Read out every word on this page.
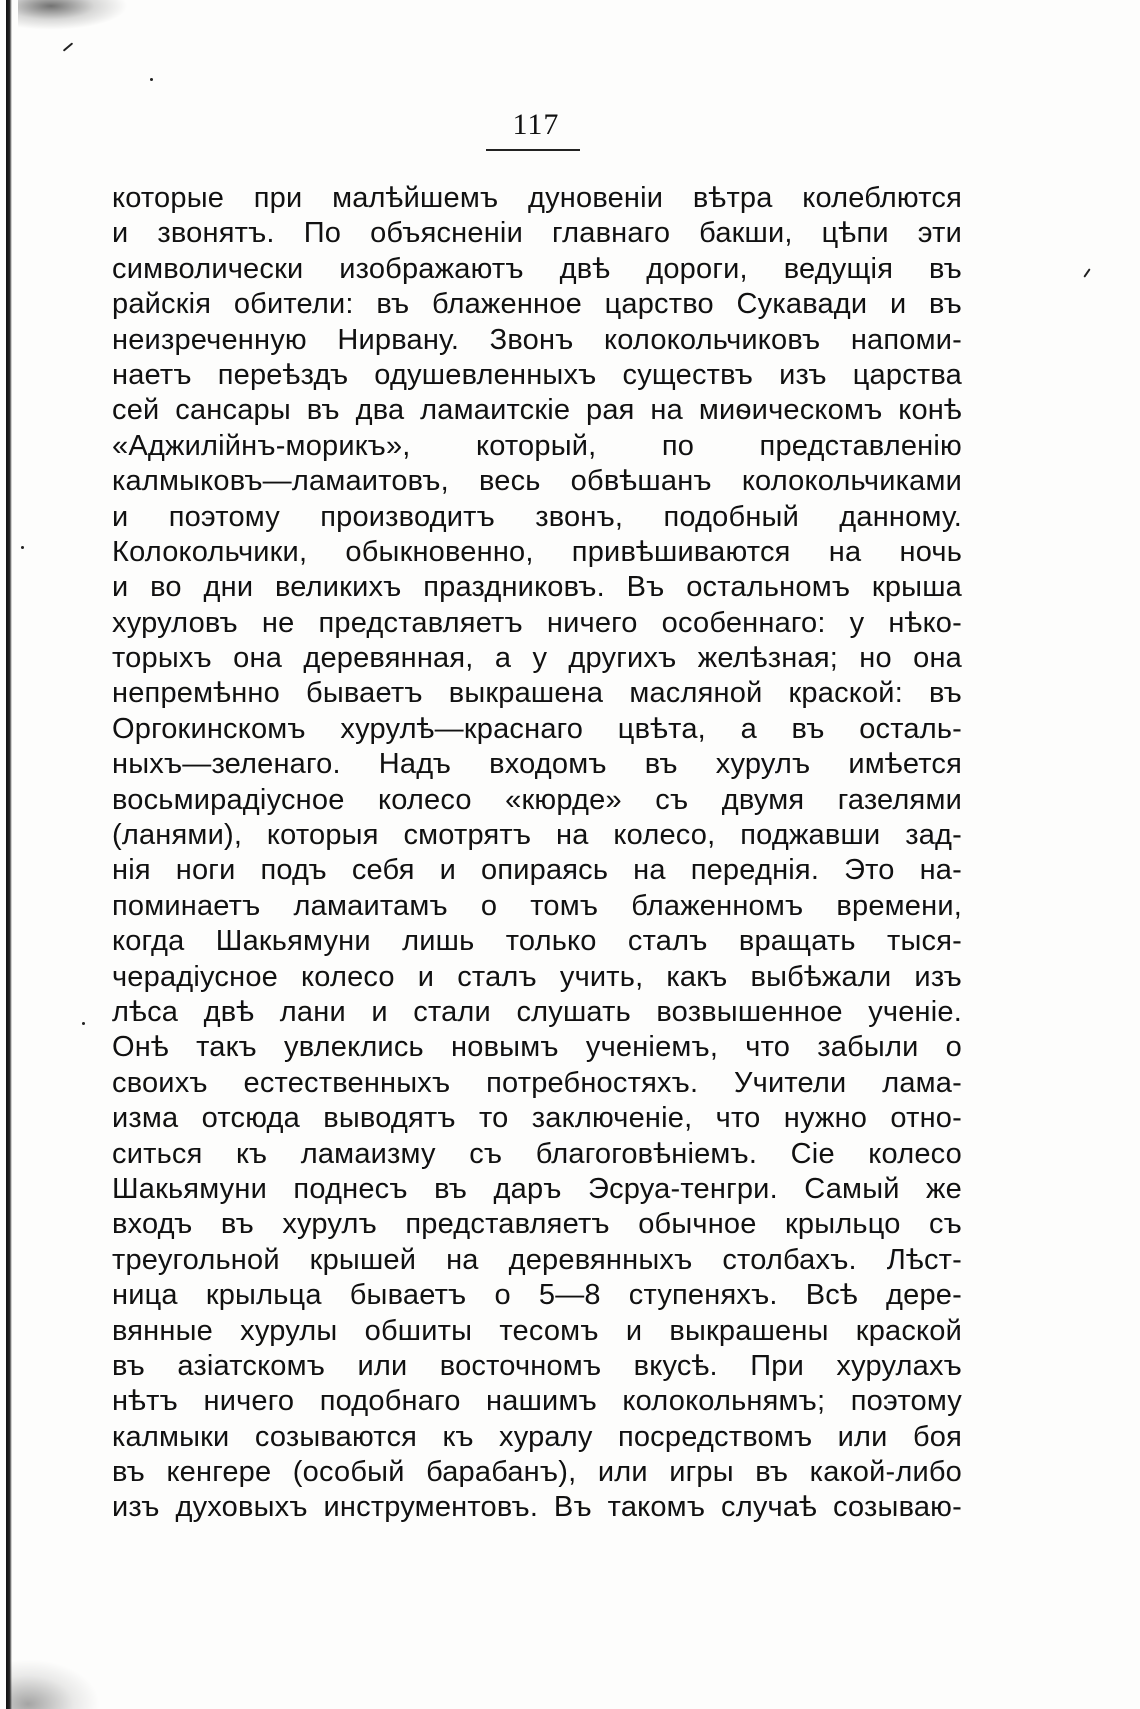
117
которые при малѣйшемъ дуновенiи вѣтра колеблются
и звонятъ. По объясненiи главнаго бакши, цѣпи эти
символически изображаютъ двѣ дороги, ведущiя въ
райскiя обители: въ блаженное царство Сукавади и въ
неизреченную Нирвану. Звонъ колокольчиковъ напоми-
наетъ переѣздъ одушевленныхъ существъ изъ царства
сей сансары въ два ламаитскiе рая на миѳическомъ конѣ
«Аджилiйнъ-морикъ», который, по представленiю
калмыковъ—ламаитовъ, весь обвѣшанъ колокольчиками
и поэтому производитъ звонъ, подобный данному.
Колокольчики, обыкновенно, привѣшиваются на ночь
и во дни великихъ праздниковъ. Въ остальномъ крыша
хуруловъ не представляетъ ничего особеннаго: у нѣко-
торыхъ она деревянная, а у другихъ желѣзная; но она
непремѣнно бываетъ выкрашена масляной краской: въ
Оргокинскомъ хурулѣ—краснаго цвѣта, а въ осталь-
ныхъ—зеленаго. Надъ входомъ въ хурулъ имѣется
восьмирадiусное колесо «кюрде» съ двумя газелями
(ланями), которыя смотрятъ на колесо, поджавши зад-
нiя ноги подъ себя и опираясь на переднiя. Это на-
поминаетъ ламаитамъ о томъ блаженномъ времени,
когда Шакьямуни лишь только сталъ вращать тыся-
черадiусное колесо и сталъ учить, какъ выбѣжали изъ
лѣса двѣ лани и стали слушать возвышенное ученiе.
Онѣ такъ увлеклись новымъ ученiемъ, что забыли о
своихъ естественныхъ потребностяхъ. Учители лама-
изма отсюда выводятъ то заключенiе, что нужно отно-
ситься къ ламаизму съ благоговѣнiемъ. Сiе колесо
Шакьямуни поднесъ въ даръ Эсруа-тенгри. Самый же
входъ въ хурулъ представляетъ обычное крыльцо съ
треугольной крышей на деревянныхъ столбахъ. Лѣст-
ница крыльца бываетъ о 5—8 ступеняхъ. Всѣ дере-
вянные хурулы обшиты тесомъ и выкрашены краской
въ азiатскомъ или восточномъ вкусѣ. При хурулахъ
нѣтъ ничего подобнаго нашимъ колокольнямъ; поэтому
калмыки созываются къ хуралу посредствомъ или боя
въ кенгере (особый барабанъ), или игры въ какой-либо
изъ духовыхъ инструментовъ. Въ такомъ случаѣ созываю-
